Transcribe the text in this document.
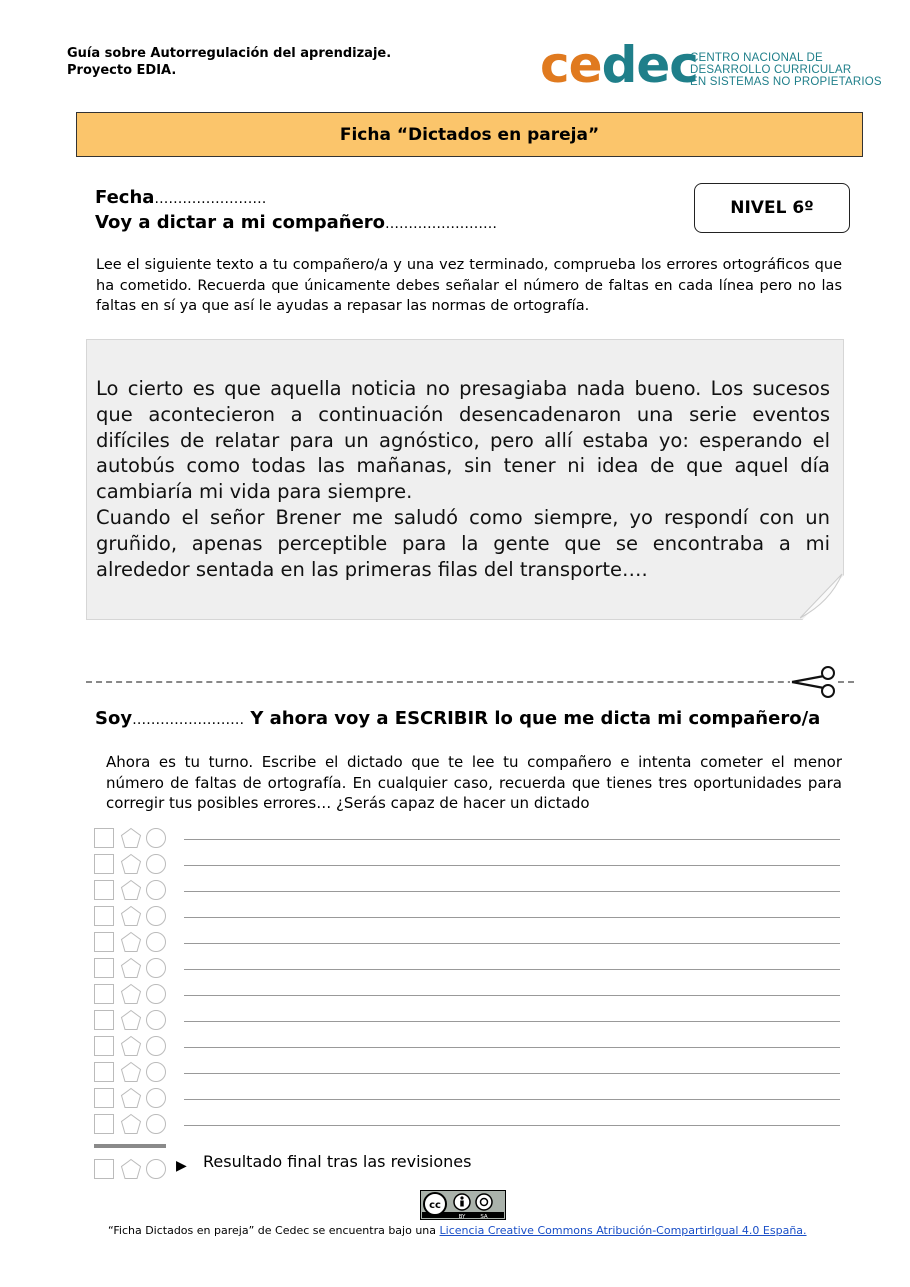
Guía sobre Autorregulación del aprendizaje.
Proyecto EDIA.	cedec
CENTRO NACIONAL DE
DESARROLLO CURRICULAR
EN SISTEMAS NO PROPIETARIOS
Ficha “Dictados en pareja”
Fecha……………………
Voy a dictar a mi compañero……………………
NIVEL 6º
Lee el siguiente texto a tu compañero/a y una vez terminado, comprueba los errores ortográficos que ha cometido. Recuerda que únicamente debes señalar el número de faltas en cada línea pero no las faltas en sí ya que así le ayudas a repasar las normas de ortografía.
Lo cierto es que aquella noticia no presagiaba nada bueno. Los sucesos que acontecieron a continuación desencadenaron una serie eventos difíciles de relatar para un agnóstico, pero allí estaba yo: esperando el autobús como todas las mañanas, sin tener ni idea de que aquel día cambiaría mi vida para siempre.
Cuando el señor Brener me saludó como siempre, yo respondí con un gruñido, apenas perceptible para la gente que se encontraba a mi alrededor sentada en las primeras filas del transporte….
Soy…………………… Y ahora voy a ESCRIBIR lo que me dicta mi compañero/a
Ahora es tu turno. Escribe el dictado que te lee tu compañero e intenta cometer el menor número de faltas de ortografía. En cualquier caso, recuerda que tienes tres oportunidades para corregir tus posibles errores… ¿Serás capaz de hacer un dictado
▶ Resultado final tras las revisiones
cc
BY	SA
“Ficha Dictados en pareja” de Cedec se encuentra bajo una Licencia Creative Commons Atribución-CompartirIgual 4.0 España.
